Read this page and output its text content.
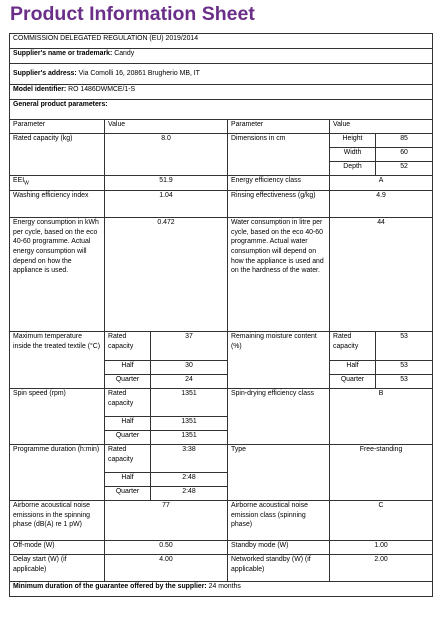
Product Information Sheet
COMMISSION DELEGATED REGULATION (EU) 2019/2014					
Supplier's name or trademark: Candy					
Supplier's address: Via Comolli 16, 20861 Brugherio MB, IT					
Model identifier: RO 1486DWMCE/1-S					
General product parameters:					

Parameter	Value		Parameter	Value	
Rated capacity (kg)	8.0		Dimensions in cm	Height	85
				Width	60
				Depth	52
$EEI_W$	51.9		Energy efficiency class	A	
Washing efficiency index	1.04		Rinsing effectiveness (g/kg)	4.9	
Energy consumption in kWh per cycle, based on the eco 40-60 programme. Actual energy consumption will depend on how the appliance is used.	0.472		Water consumption in litre per cycle, based on the eco 40-60 programme. Actual water consumption will depend on how the appliance is used and on the hardness of the water.	44	
Maximum temperature inside the treated textile (°C)	Rated capacity	37	Remaining moisture content (%)	Rated capacity	53
	Half	30		Half	53
	Quarter	24		Quarter	53
Spin speed (rpm)	Rated capacity	1351	Spin-drying efficiency class	B	
	Half	1351			
	Quarter	1351			
Programme duration (h:min)	Rated capacity	3:38	Type	Free-standing	
	Half	2:48			
	Quarter	2:48			
Airborne acoustical noise emissions in the spinning phase (dB(A) re 1 pW)	77		Airborne acoustical noise emission class (spinning phase)	C	
Off-mode (W)	0.50		Standby mode (W)	1.00	
Delay start (W) (if applicable)	4.00		Networked standby (W) (if applicable)	2.00	
Minimum duration of the guarantee offered by the supplier: 24 months					
